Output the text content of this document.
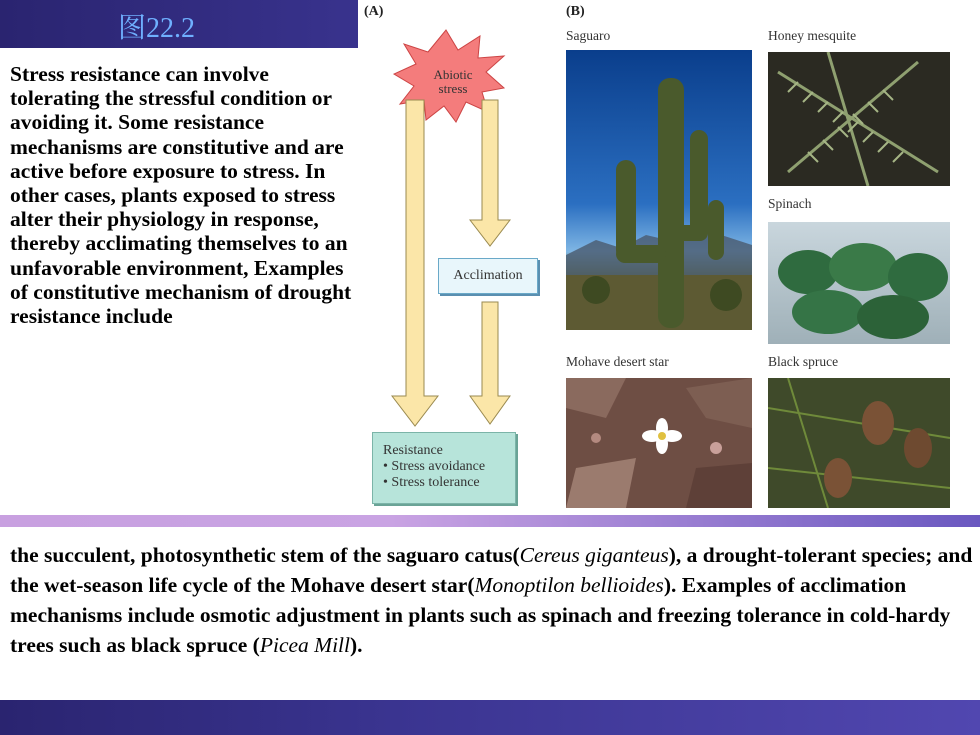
图22.2
Stress resistance can involve tolerating the stressful condition or avoiding it. Some resistance mechanisms are constitutive and are active before exposure to stress. In other cases, plants exposed to stress alter their physiology in response, thereby acclimating themselves to an unfavorable environment, Examples of constitutive mechanism of drought resistance include
(A)
Abiotic
stress
Acclimation
Resistance
• Stress avoidance
• Stress tolerance
(B)
Saguaro	Honey mesquite
Spinach
Mohave desert star	Black spruce
the succulent, photosynthetic stem of the saguaro catus(Cereus giganteus), a drought-tolerant species; and the wet-season life cycle of the Mohave desert star(Monoptilon bellioides). Examples of acclimation mechanisms include osmotic adjustment in plants such as spinach and freezing tolerance in cold-hardy trees such as black spruce (Picea Mill).
